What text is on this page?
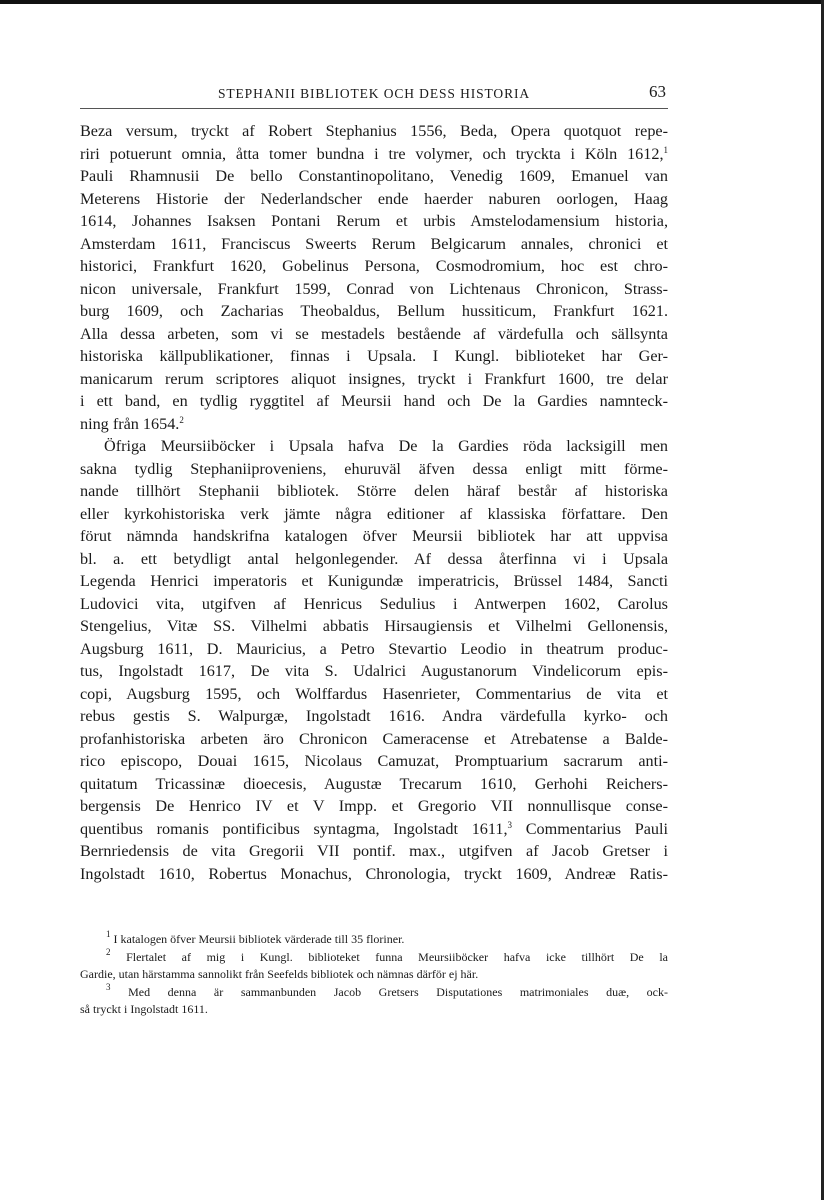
STEPHANII BIBLIOTEK OCH DESS HISTORIA	63
Beza versum, tryckt af Robert Stephanius 1556, Beda, Opera quotquot repe-
riri potuerunt omnia, åtta tomer bundna i tre volymer, och tryckta i Köln 1612,$^1$
Pauli Rhamnusii De bello Constantinopolitano, Venedig 1609, Emanuel van
Meterens Historie der Nederlandscher ende haerder naburen oorlogen, Haag
1614, Johannes Isaksen Pontani Rerum et urbis Amstelodamensium historia,
Amsterdam 1611, Franciscus Sweerts Rerum Belgicarum annales, chronici et
historici, Frankfurt 1620, Gobelinus Persona, Cosmodromium, hoc est chro-
nicon universale, Frankfurt 1599, Conrad von Lichtenaus Chronicon, Strass-
burg 1609, och Zacharias Theobaldus, Bellum hussiticum, Frankfurt 1621.
Alla dessa arbeten, som vi se mestadels bestående af värdefulla och sällsynta
historiska källpublikationer, finnas i Upsala. I Kungl. biblioteket har Ger-
manicarum rerum scriptores aliquot insignes, tryckt i Frankfurt 1600, tre delar
i ett band, en tydlig ryggtitel af Meursii hand och De la Gardies namnteck-
ning från 1654.$^2$
Öfriga Meursiiböcker i Upsala hafva De la Gardies röda lacksigill men
sakna tydlig Stephaniiproveniens, ehuruväl äfven dessa enligt mitt förme-
nande tillhört Stephanii bibliotek. Större delen häraf består af historiska
eller kyrkohistoriska verk jämte några editioner af klassiska författare. Den
förut nämnda handskrifna katalogen öfver Meursii bibliotek har att uppvisa
bl. a. ett betydligt antal helgonlegender. Af dessa återfinna vi i Upsala
Legenda Henrici imperatoris et Kunigundæ imperatricis, Brüssel 1484, Sancti
Ludovici vita, utgifven af Henricus Sedulius i Antwerpen 1602, Carolus
Stengelius, Vitæ SS. Vilhelmi abbatis Hirsaugiensis et Vilhelmi Gellonensis,
Augsburg 1611, D. Mauricius, a Petro Stevartio Leodio in theatrum produc-
tus, Ingolstadt 1617, De vita S. Udalrici Augustanorum Vindelicorum epis-
copi, Augsburg 1595, och Wolffardus Hasenrieter, Commentarius de vita et
rebus gestis S. Walpurgæ, Ingolstadt 1616. Andra värdefulla kyrko- och
profanhistoriska arbeten äro Chronicon Cameracense et Atrebatense a Balde-
rico episcopo, Douai 1615, Nicolaus Camuzat, Promptuarium sacrarum anti-
quitatum Tricassinæ dioecesis, Augustæ Trecarum 1610, Gerhohi Reichers-
bergensis De Henrico IV et V Impp. et Gregorio VII nonnullisque conse-
quentibus romanis pontificibus syntagma, Ingolstadt 1611,$^3$ Commentarius Pauli
Bernriedensis de vita Gregorii VII pontif. max., utgifven af Jacob Gretser i
Ingolstadt 1610, Robertus Monachus, Chronologia, tryckt 1609, Andreæ Ratis-
$^1$ I katalogen öfver Meursii bibliotek värderade till 35 floriner.
$^2$ Flertalet af mig i Kungl. biblioteket funna Meursiiböcker hafva icke tillhört De la
Gardie, utan härstamma sannolikt från Seefelds bibliotek och nämnas därför ej här.
$^3$ Med denna är sammanbunden Jacob Gretsers Disputationes matrimoniales duæ, ock-
så tryckt i Ingolstadt 1611.
